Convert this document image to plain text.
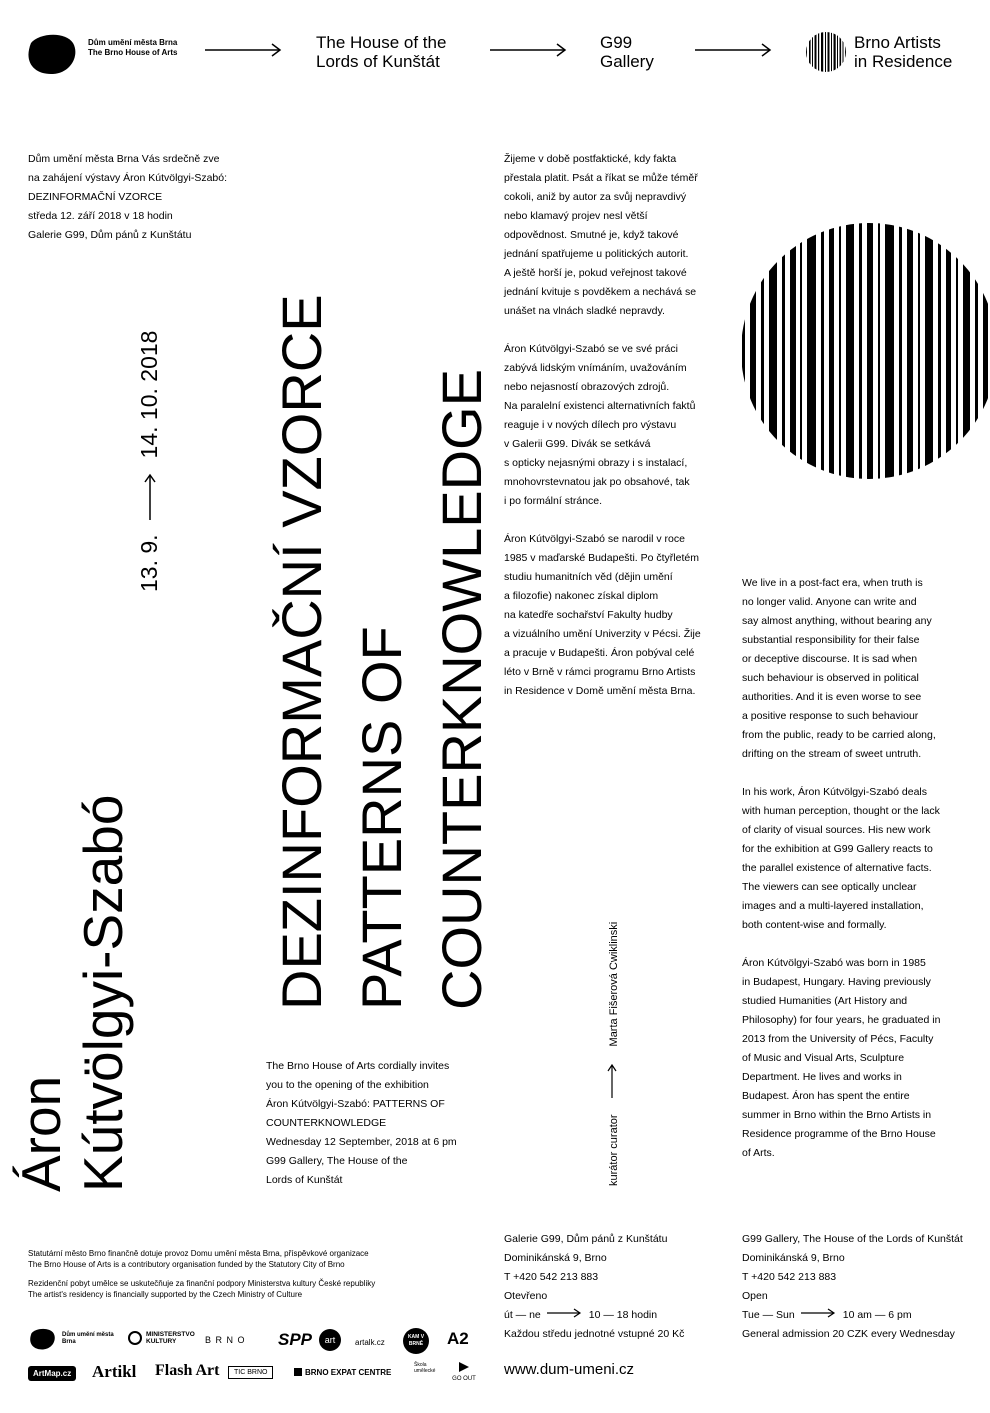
Dům umění města Brna
The Brno House of Arts
The House of the
Lords of Kunštát
G99
Gallery
Brno Artists
in Residence
Dům umění města Brna Vás srdečně zve
na zahájení výstavy Áron Kútvölgyi-Szabó:
DEZINFORMAČNÍ VZORCE
středa 12. září 2018 v 18 hodin
Galerie G99, Dům pánů z Kunštátu
13. 9.
14. 10. 2018
Áron Kútvölgyi-Szabó DEZINFORMAČNÍ VZORCE PATTERNS OF COUNTERKNOWLEDGE
Žijeme v době postfaktické, kdy fakta
přestala platit. Psát a říkat se může téměř
cokoli, aniž by autor za svůj nepravdivý
nebo klamavý projev nesl větší
odpovědnost. Smutné je, když takové
jednání spatřujeme u politických autorit.
A ještě horší je, pokud veřejnost takové
jednání kvituje s povděkem a nechává se
unášet na vlnách sladké nepravdy.
Áron Kútvölgyi-Szabó se ve své práci
zabývá lidským vnímáním, uvažováním
nebo nejasností obrazových zdrojů.
Na paralelní existenci alternativních faktů
reaguje i v nových dílech pro výstavu
v Galerii G99. Divák se setkává
s opticky nejasnými obrazy i s instalací,
mnohovrstevnatou jak po obsahové, tak
i po formální stránce.
Áron Kútvölgyi-Szabó se narodil v roce
1985 v maďarské Budapešti. Po čtyřletém
studiu humanitních věd (dějin umění
a filozofie) nakonec získal diplom
na katedře sochařství Fakulty hudby
a vizuálního umění Univerzity v Pécsi. Žije
a pracuje v Budapešti. Áron pobýval celé
léto v Brně v rámci programu Brno Artists
in Residence v Domě umění města Brna.
We live in a post-fact era, when truth is
no longer valid. Anyone can write and
say almost anything, without bearing any
substantial responsibility for their false
or deceptive discourse. It is sad when
such behaviour is observed in political
authorities. And it is even worse to see
a positive response to such behaviour
from the public, ready to be carried along,
drifting on the stream of sweet untruth.
In his work, Áron Kútvölgyi-Szabó deals
with human perception, thought or the lack
of clarity of visual sources. His new work
for the exhibition at G99 Gallery reacts to
the parallel existence of alternative facts.
The viewers can see optically unclear
images and a multi-layered installation,
both content-wise and formally.
Áron Kútvölgyi-Szabó was born in 1985
in Budapest, Hungary. Having previously
studied Humanities (Art History and
Philosophy) for four years, he graduated in
2013 from the University of Pécs, Faculty
of Music and Visual Arts, Sculpture
Department. He lives and works in
Budapest. Áron has spent the entire
summer in Brno within the Brno Artists in
Residence programme of the Brno House
of Arts.
kurátor curator
Marta Fišerová Cwiklinski
The Brno House of Arts cordially invites
you to the opening of the exhibition
Áron Kútvölgyi-Szabó: PATTERNS OF
COUNTERKNOWLEDGE
Wednesday 12 September, 2018 at 6 pm
G99 Gallery, The House of the
Lords of Kunštát
Statutární město Brno finančně dotuje provoz Domu umění města Brna, příspěvkové organizace
The Brno House of Arts is a contributory organisation funded by the Statutory City of Brno
Rezidenční pobyt umělce se uskutečňuje za finanční podpory Ministerstva kultury České republiky
The artist's residency is financially supported by the Czech Ministry of Culture
Dům umění města Brna
MINISTERSTVO KULTURY	B R N O SPP	art	artalk.cz
KAM V BRNĚ	A2
ArtMap.cz Artikl Flash Art	TIC BRNO	BRNO EXPAT CENTRE
Škola umělecké
GO OUT
Galerie G99, Dům pánů z Kunštátu
Dominikánská 9, Brno
T +420 542 213 883
Otevřeno
út — ne	10 — 18 hodin
Každou středu jednotné vstupné 20 Kč
www.dum-umeni.cz
G99 Gallery, The House of the Lords of Kunštát
Dominikánská 9, Brno
T +420 542 213 883
Open
Tue — Sun	10 am — 6 pm
General admission 20 CZK every Wednesday
